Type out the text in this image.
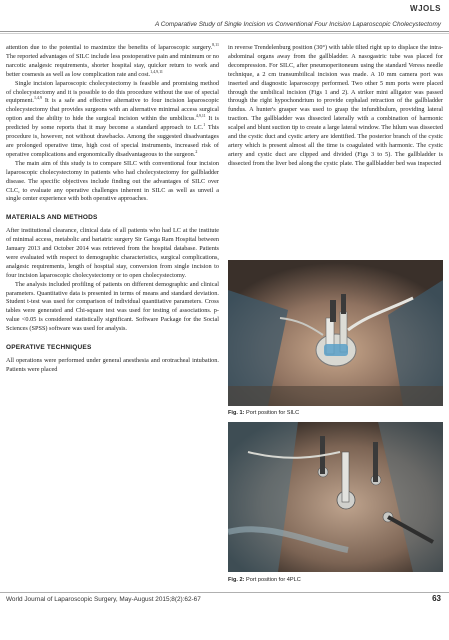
WJOLS
A Comparative Study of Single Incision vs Conventional Four Incision Laparoscopic Cholecystectomy

attention due to the potential to maximize the benefits of laparoscopic surgery.$^{8,11}$ The reported advantages of SILC include less postoperative pain and minimum or no narcotic analgesic requirements, shorter hospital stay, quicker return to work and better cosmesis as well as low complication rate and cost.$^{1,4,9,11}$

Single incision laparoscopic cholecystectomy is feasible and promising method of cholecystectomy and it is possible to do this procedure without the use of special equipment.$^{1,4,9}$ It is a safe and effective alternative to four incision laparoscopic cholecystectomy that provides surgeons with an alternative minimal access surgical option and the ability to hide the surgical incision within the umbilicus.$^{4,9,11}$ It is predicted by some reports that it may become a standard approach to LC.$^1$ This procedure is, however, not without drawbacks. Among the suggested disadvantages are prolonged operative time, high cost of special instruments, increased risk of operative complications and ergonomically disadvantageous to the surgeon.$^2$

The main aim of this study is to compare SILC with conventional four incision laparoscopic cholecystectomy in patients who had cholecystectomy for gallbladder disease. The specific objectives include finding out the advantages of SILC over CLC, to evaluate any operative challenges inherent in SILC as well as unveil a single center experience with both operative approaches.

MATERIALS AND METHODS

After institutional clearance, clinical data of all patients who had LC at the institute of minimal access, metabolic and bariatric surgery Sir Ganga Ram Hospital between January 2013 and October 2014 was retrieved from the hospital database. Patients were evaluated with respect to demographic characteristics, surgical complications, analgesic requirements, length of hospital stay, conversion from single incision to four incision laparoscopic cholecystectomy or to open cholecystectomy.

The analysis included profiling of patients on different demographic and clinical parameters. Quantitative data is presented in terms of means and standard deviation. Student t-test was used for comparison of individual quantitative parameters. Cross tables were generated and Chi-square test was used for testing of associations. p-value <0.05 is considered statistically significant. Software Package for the Social Sciences (SPSS) software was used for analysis.

OPERATIVE TECHNIQUES

All operations were performed under general anesthesia and orotracheal intubation. Patients were placed

in reverse Trendelenburg position (30°) with table tilted right up to displace the intra-abdominal organs away from the gallbladder. A nasogastric tube was placed for decompression. For SILC, after pneumoperitoneum using the standard Veress needle technique, a 2 cm transumbilical incision was made. A 10 mm camera port was inserted and diagnostic laparoscopy performed. Two other 5 mm ports were placed through the umbilical incision (Figs 1 and 2). A striker mini alligator was passed through the right hypochondrium to provide cephalad retraction of the gallbladder fundus. A hunter's grasper was used to grasp the infundibulum, providing lateral traction. The gallbladder was dissected laterally with a combination of harmonic scalpel and blunt suction tip to create a large lateral window. The hilum was dissected and the cystic duct and cystic artery are identified. The posterior branch of the cystic artery which is present almost all the time is coagulated with harmonic. The cystic artery and cystic duct are clipped and divided (Figs 3 to 5). The gallbladder is dissected from the liver bed along the cystic plate. The gallbladder bed was inspected

Fig. 1: Port position for SILC
Fig. 2: Port position for 4PLC
World Journal of Laparoscopic Surgery, May-August 2015;8(2):62-67	63
